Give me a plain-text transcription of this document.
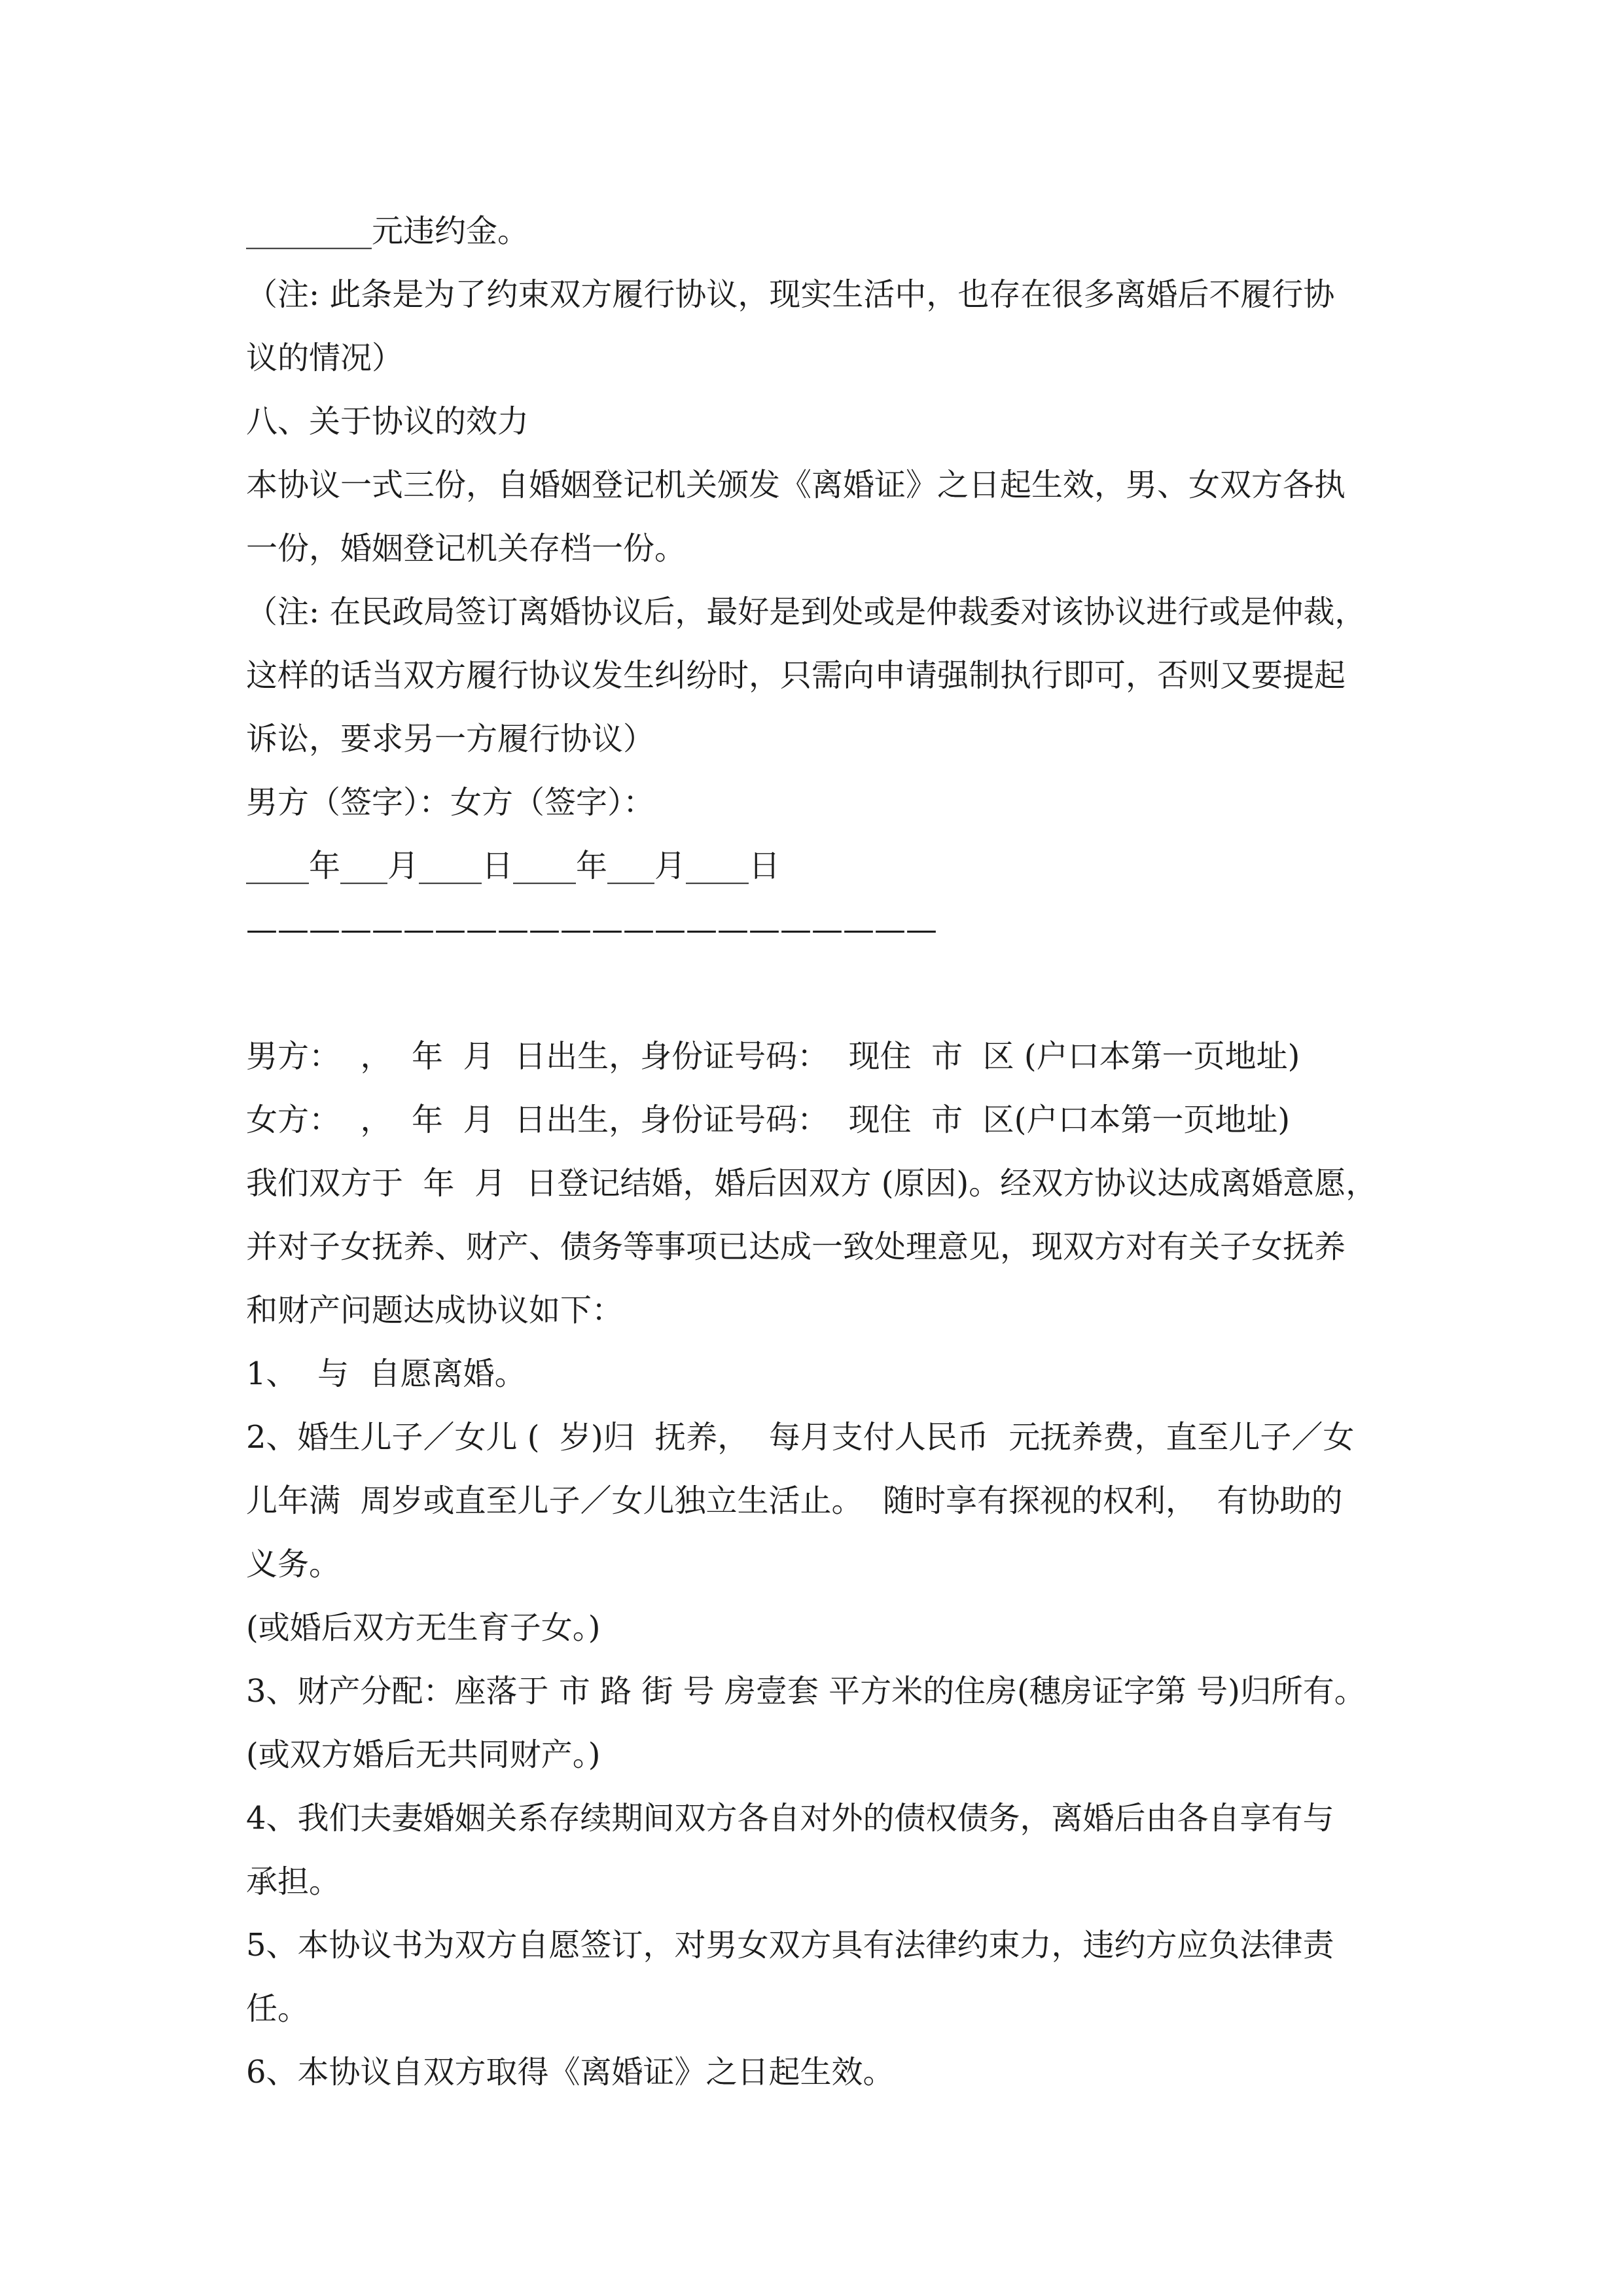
________元违约金。
（注: 此条是为了约束双方履行协议，现实生活中，也存在很多离婚后不履行协
议的情况）
八、关于协议的效力
本协议一式三份，自婚姻登记机关颁发《离婚证》之日起生效，男、女双方各执
一份，婚姻登记机关存档一份。
（注: 在民政局签订离婚协议后，最好是到处或是仲裁委对该协议进行或是仲裁，
这样的话当双方履行协议发生纠纷时，只需向申请强制执行即可，否则又要提起
诉讼，要求另一方履行协议）
男方（签字）：女方（签字）：
____年___月____日____年___月____日
——————————————————————

男方：  ，  年  月  日出生，身份证号码：  现住  市  区 (户口本第一页地址)
女方：  ，  年  月  日出生，身份证号码：  现住  市  区(户口本第一页地址)
我们双方于  年  月  日登记结婚，婚后因双方 (原因)。经双方协议达成离婚意愿，
并对子女抚养、财产、债务等事项已达成一致处理意见，现双方对有关子女抚养
和财产问题达成协议如下：
1、  与  自愿离婚。
2、婚生儿子／女儿 (  岁)归  抚养，  每月支付人民币  元抚养费，直至儿子／女
儿年满  周岁或直至儿子／女儿独立生活止。  随时享有探视的权利，  有协助的
义务。
(或婚后双方无生育子女。)
3、财产分配：座落于 市 路 街 号 房壹套 平方米的住房(穗房证字第 号)归所有。
(或双方婚后无共同财产。)
4、我们夫妻婚姻关系存续期间双方各自对外的债权债务，离婚后由各自享有与
承担。
5、本协议书为双方自愿签订，对男女双方具有法律约束力，违约方应负法律责
任。
6、本协议自双方取得《离婚证》之日起生效。
